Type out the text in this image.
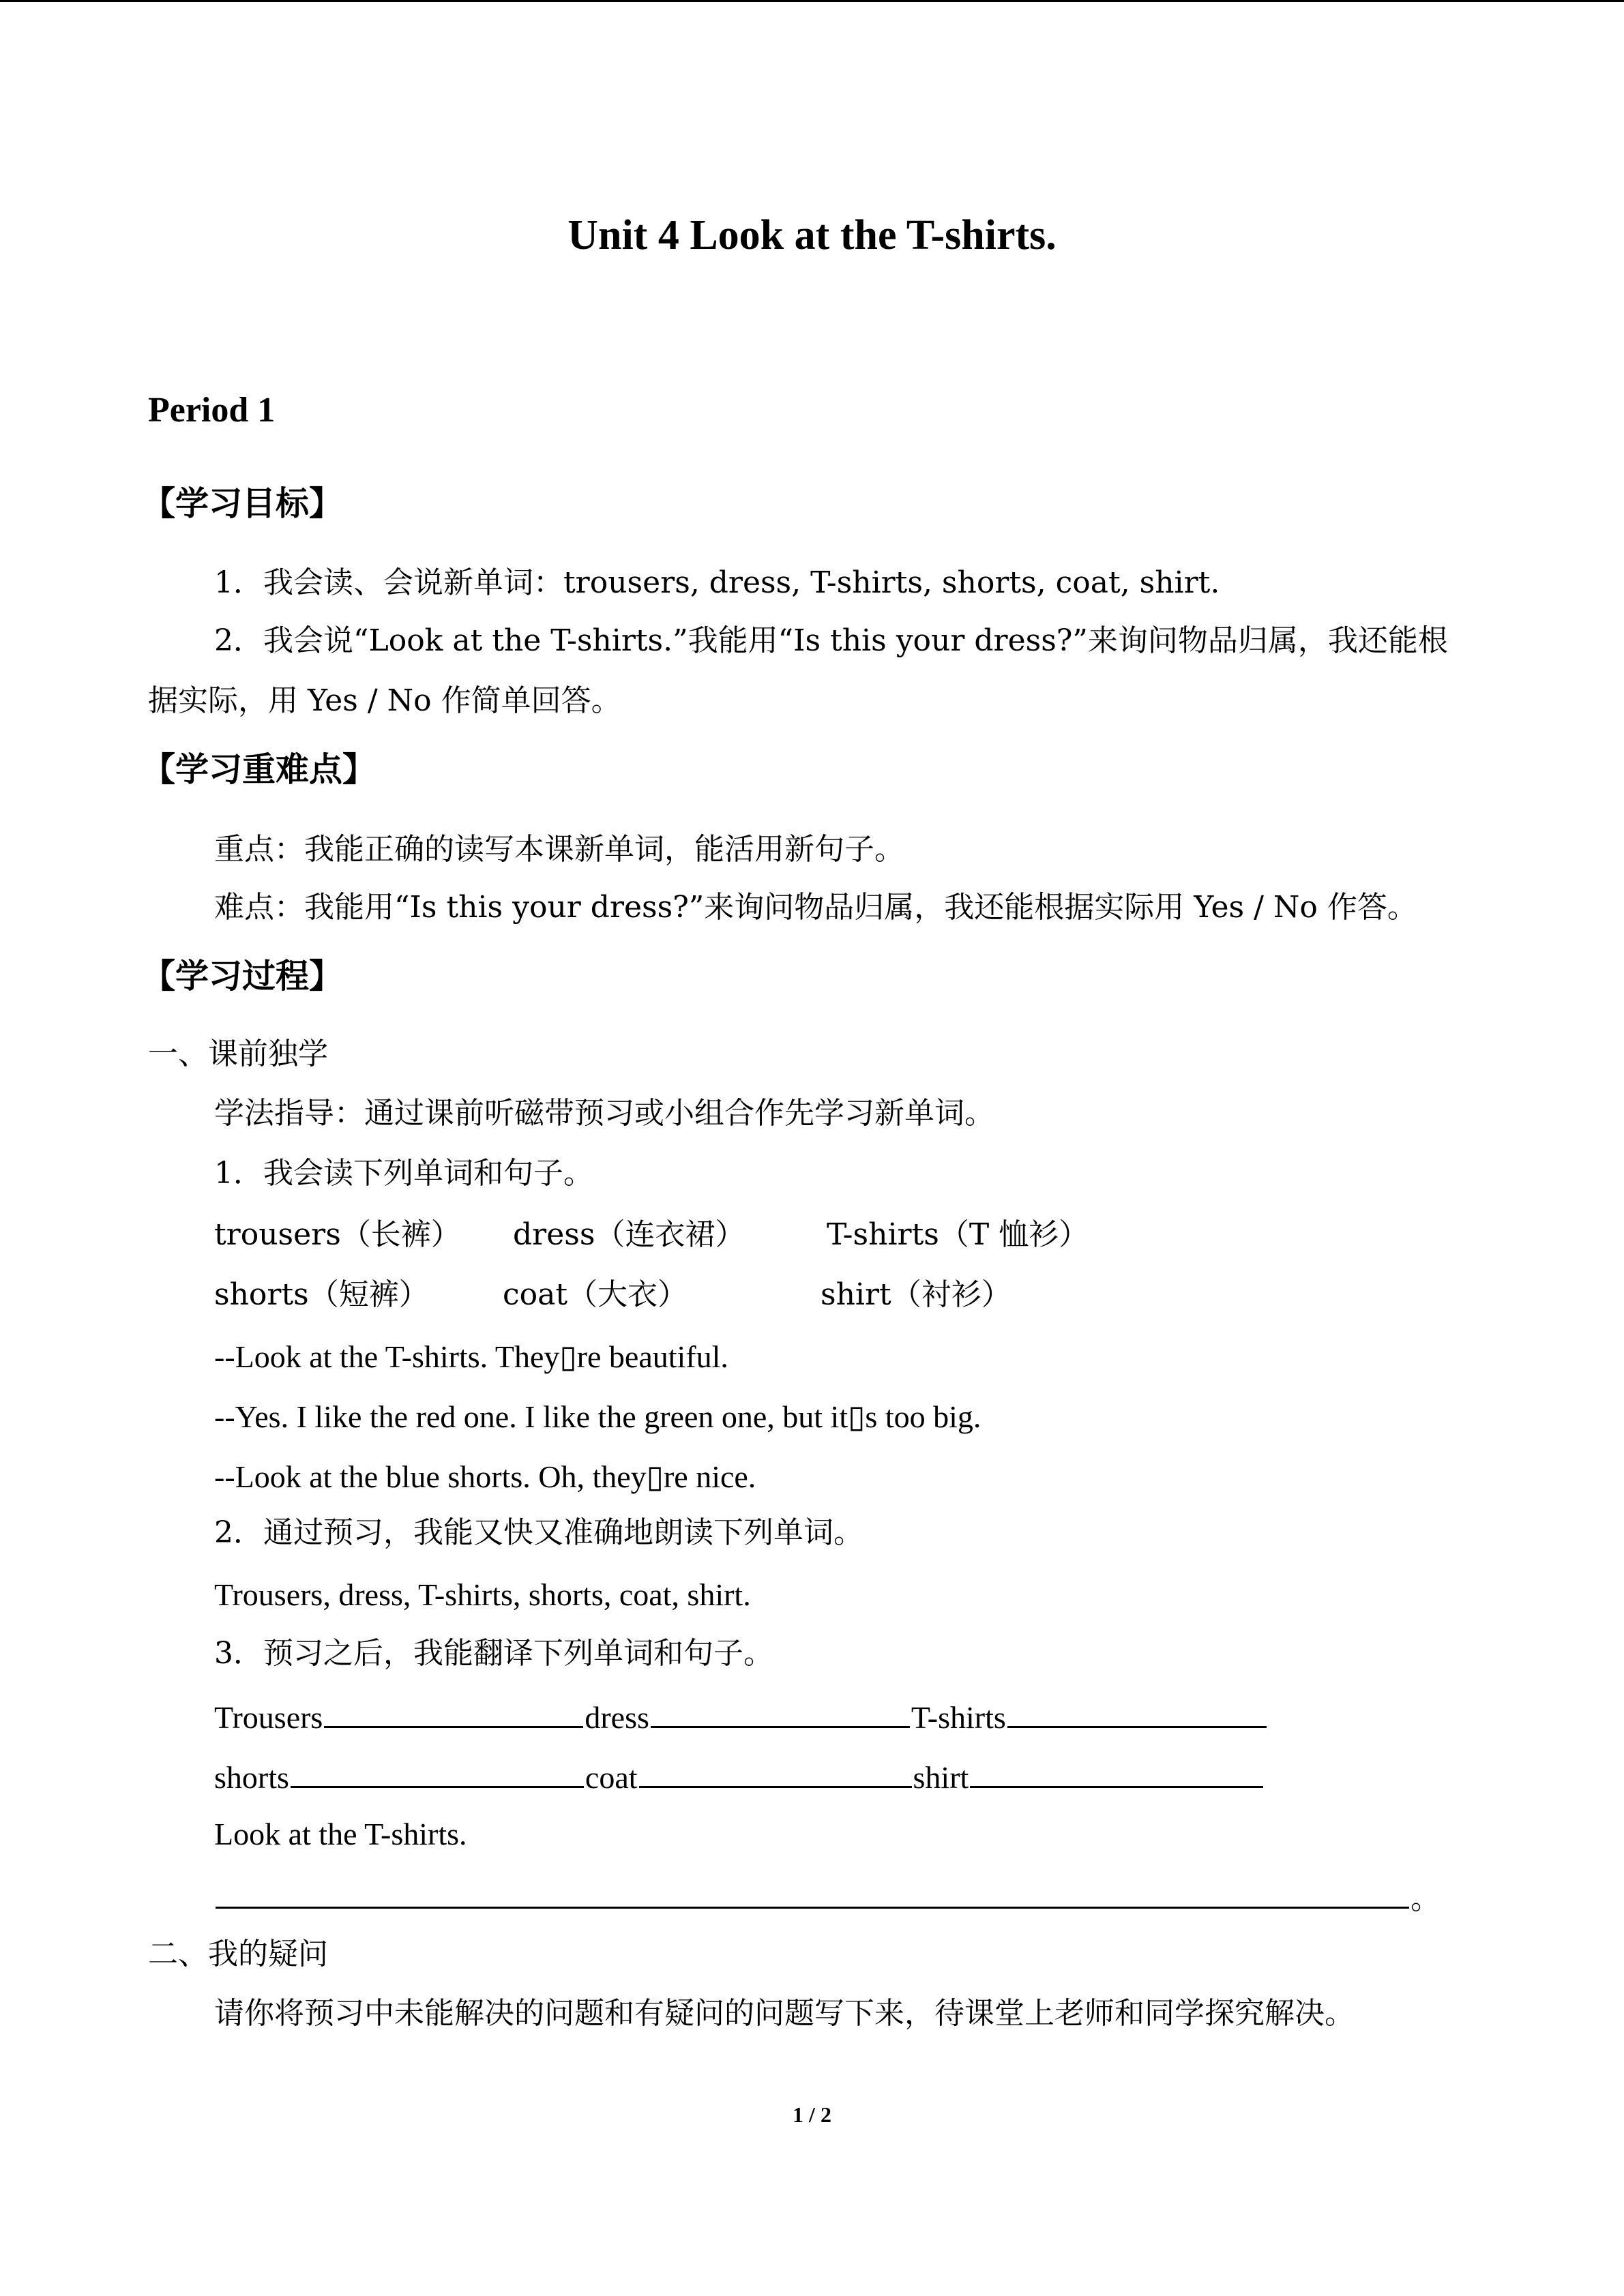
Unit 4 Look at the T-shirts.
Period 1
【学习目标】
1．我会读、会说新单词：trousers, dress, T-shirts, shorts, coat, shirt.
2．我会说“Look at the T-shirts.”我能用“Is this your dress?”来询问物品归属，我还能根
据实际，用 Yes / No 作简单回答。
【学习重难点】
重点：我能正确的读写本课新单词，能活用新句子。
难点：我能用“Is this your dress?”来询问物品归属，我还能根据实际用 Yes / No 作答。
【学习过程】
一、课前独学
学法指导：通过课前听磁带预习或小组合作先学习新单词。
1．我会读下列单词和句子。
trousers（长裤） dress（连衣裙）	T-shirts（T 恤衫）
shorts（短裤） coat（大衣）	shirt（衬衫）
--Look at the T-shirts. They▯re beautiful.
--Yes. I like the red one. I like the green one, but it▯s too big.
--Look at the blue shorts. Oh, they▯re nice.
2．通过预习，我能又快又准确地朗读下列单词。
Trousers, dress, T-shirts, shorts, coat, shirt.
3．预习之后，我能翻译下列单词和句子。
Trousers	dress	T-shirts
shorts	coat	shirt
Look at the T-shirts.
。
二、我的疑问
请你将预习中未能解决的问题和有疑问的问题写下来，待课堂上老师和同学探究解决。
1 / 2
